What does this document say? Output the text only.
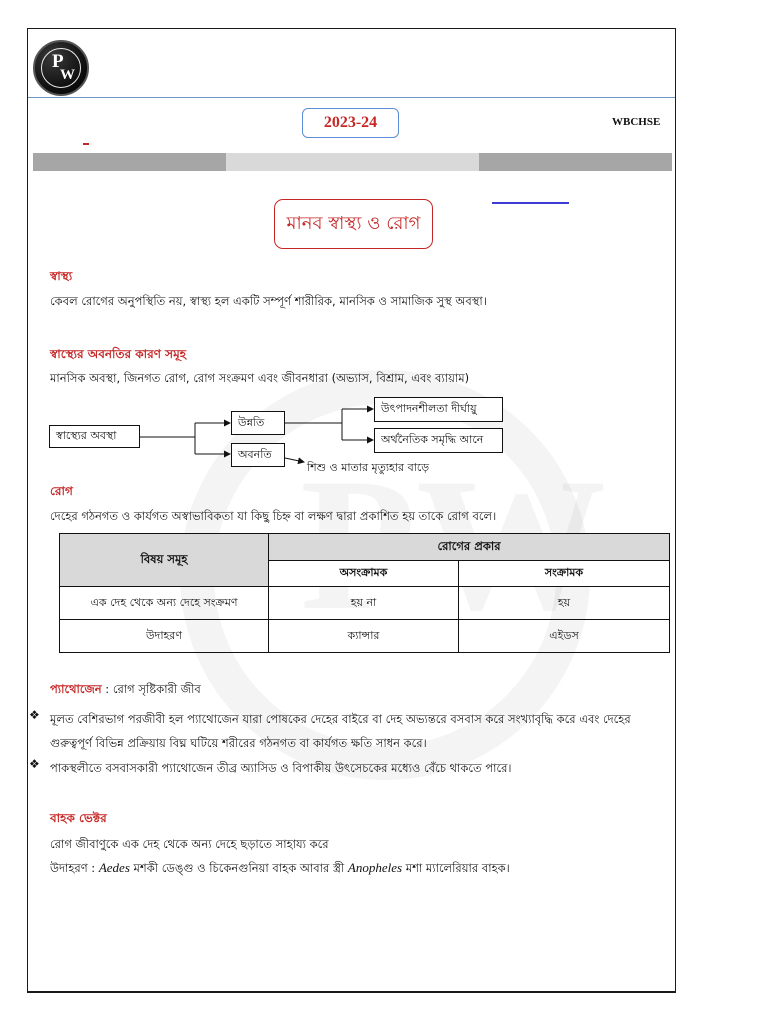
P
W
2023-24	WBCHSE
মানব স্বাস্থ্য ও রোগ
স্বাস্থ্য
কেবল রোগের অনুপস্থিতি নয়, স্বাস্থ্য হল একটি সম্পূর্ণ শারীরিক, মানসিক ও সামাজিক সুস্থ অবস্থা।
স্বাস্থ্যের অবনতির কারণ সমূহ
মানসিক অবস্থা, জিনগত রোগ, রোগ সংক্রমণ এবং জীবনধারা (অভ্যাস, বিশ্রাম, এবং ব্যায়াম)
স্বাস্থ্যের অবস্থা
উন্নতি
অবনতি
উৎপাদনশীলতা দীর্ঘায়ু
অর্থনৈতিক সমৃদ্ধি আনে
শিশু ও মাতার মৃত্যুহার বাড়ে
রোগ
দেহের গঠনগত ও কার্যগত অস্বাভাবিকতা যা কিছু চিহ্ন বা লক্ষণ দ্বারা প্রকাশিত হয় তাকে রোগ বলে।
বিষয় সমূহ	রোগের প্রকার	
	অসংক্রামক	সংক্রামক
এক দেহ থেকে অন্য দেহে সংক্রমণ	হয় না	হয়
উদাহরণ	ক্যান্সার	এইডস
প্যাথোজেন : রোগ সৃষ্টিকারী জীব
❖ মূলত বেশিরভাগ পরজীবী হল প্যাথোজেন যারা পোষকের দেহের বাইরে বা দেহ অভ্যন্তরে বসবাস করে সংখ্যাবৃদ্ধি করে এবং দেহের
গুরুত্বপূর্ণ বিভিন্ন প্রক্রিয়ায় বিঘ্ন ঘটিয়ে শরীরের গঠনগত বা কার্যগত ক্ষতি সাধন করে।
❖ পাকস্থলীতে বসবাসকারী প্যাথোজেন তীব্র অ্যাসিড ও বিপাকীয় উৎসেচকের মধ্যেও বেঁচে থাকতে পারে।
বাহক ভেক্টর
রোগ জীবাণুকে এক দেহ থেকে অন্য দেহে ছড়াতে সাহায্য করে
উদাহরণ : Aedes মশকী ডেঙ্গু ও চিকেনগুনিয়া বাহক আবার স্ত্রী Anopheles মশা ম্যালেরিয়ার বাহক।
